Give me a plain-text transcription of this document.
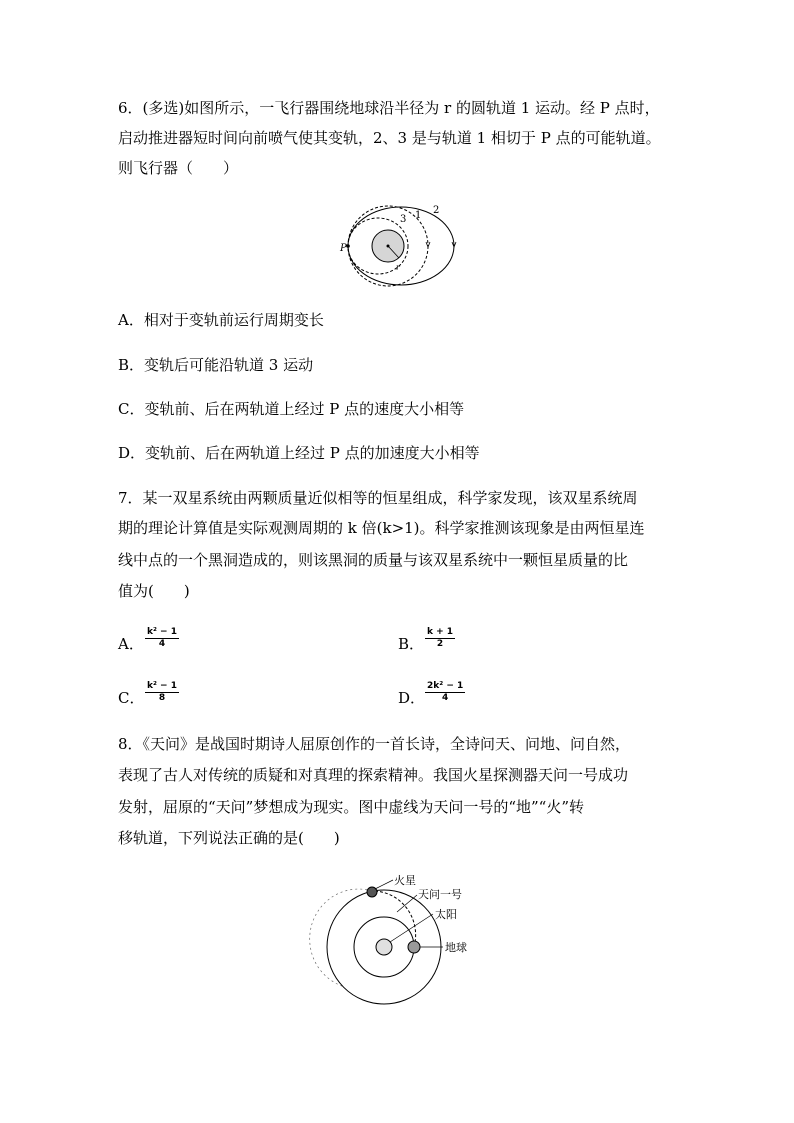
6．(多选)如图所示，一飞行器围绕地球沿半径为 r 的圆轨道 1 运动。经 P 点时，
启动推进器短时间向前喷气使其变轨，2、3 是与轨道 1 相切于 P 点的可能轨道。
则飞行器（　　）
P
r
3 1 2
A．相对于变轨前运行周期变长
B．变轨后可能沿轨道 3 运动
C．变轨前、后在两轨道上经过 P 点的速度大小相等
D．变轨前、后在两轨道上经过 P 点的加速度大小相等
7．某一双星系统由两颗质量近似相等的恒星组成，科学家发现，该双星系统周
期的理论计算值是实际观测周期的 k 倍(k>1)。科学家推测该现象是由两恒星连
线中点的一个黑洞造成的，则该黑洞的质量与该双星系统中一颗恒星质量的比
值为(　　)
A．
k² − 1
4	B．
k + 1
2
C．
k² − 1
8	D．
2k² − 1
4
8．《天问》是战国时期诗人屈原创作的一首长诗，全诗问天、问地、问自然，
表现了古人对传统的质疑和对真理的探索精神。我国火星探测器天问一号成功
发射，屈原的“天问”梦想成为现实。图中虚线为天问一号的“地”“火”转
移轨道，下列说法正确的是(　　)
火星
天问一号
太阳
地球
